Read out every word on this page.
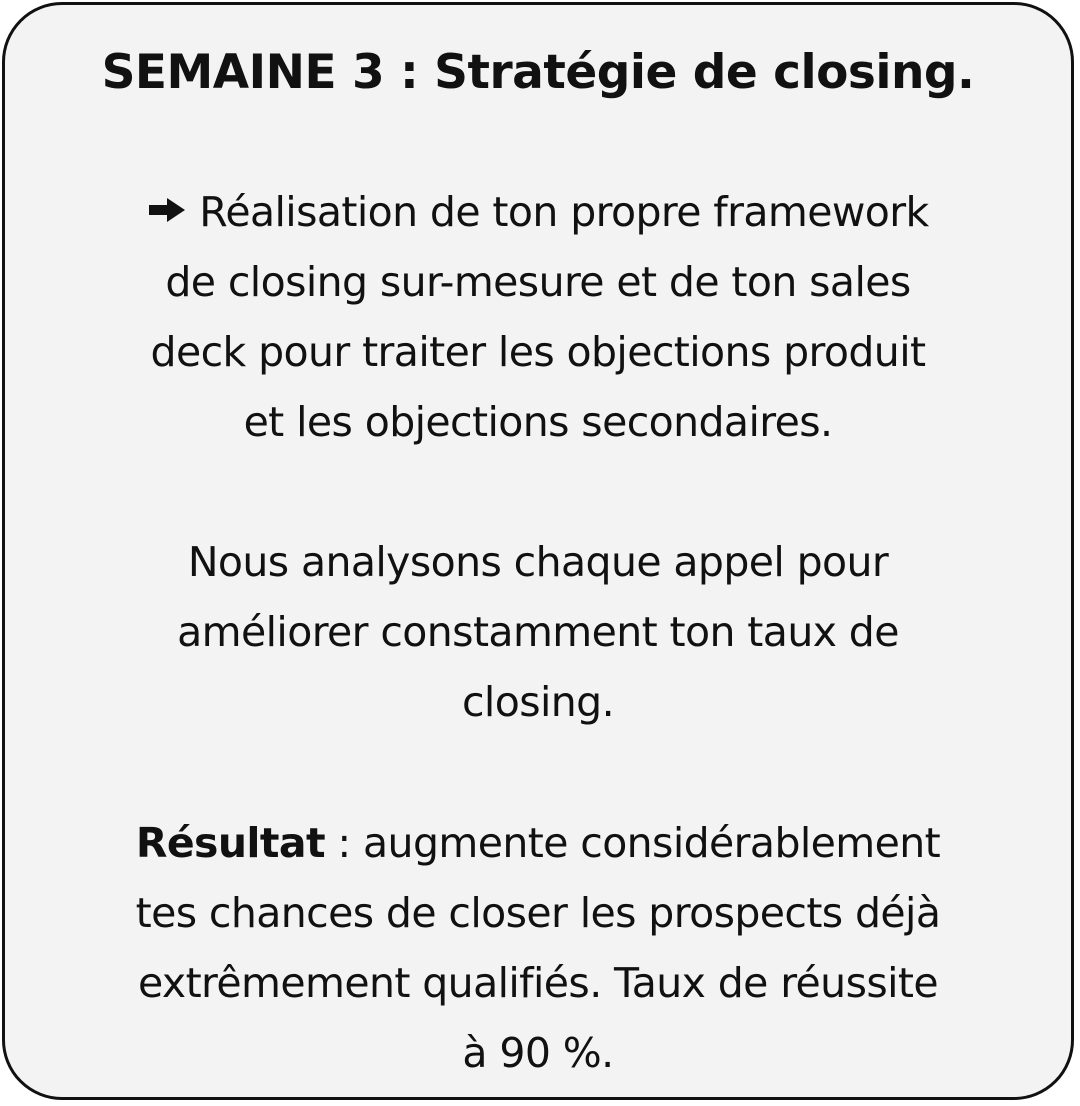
SEMAINE 3 : Stratégie de closing.

Réalisation de ton propre framework
de closing sur-mesure et de ton sales
deck pour traiter les objections produit
et les objections secondaires.

Nous analysons chaque appel pour
améliorer constamment ton taux de
closing.

Résultat : augmente considérablement
tes chances de closer les prospects déjà
extrêmement qualifiés. Taux de réussite
à 90 %.
